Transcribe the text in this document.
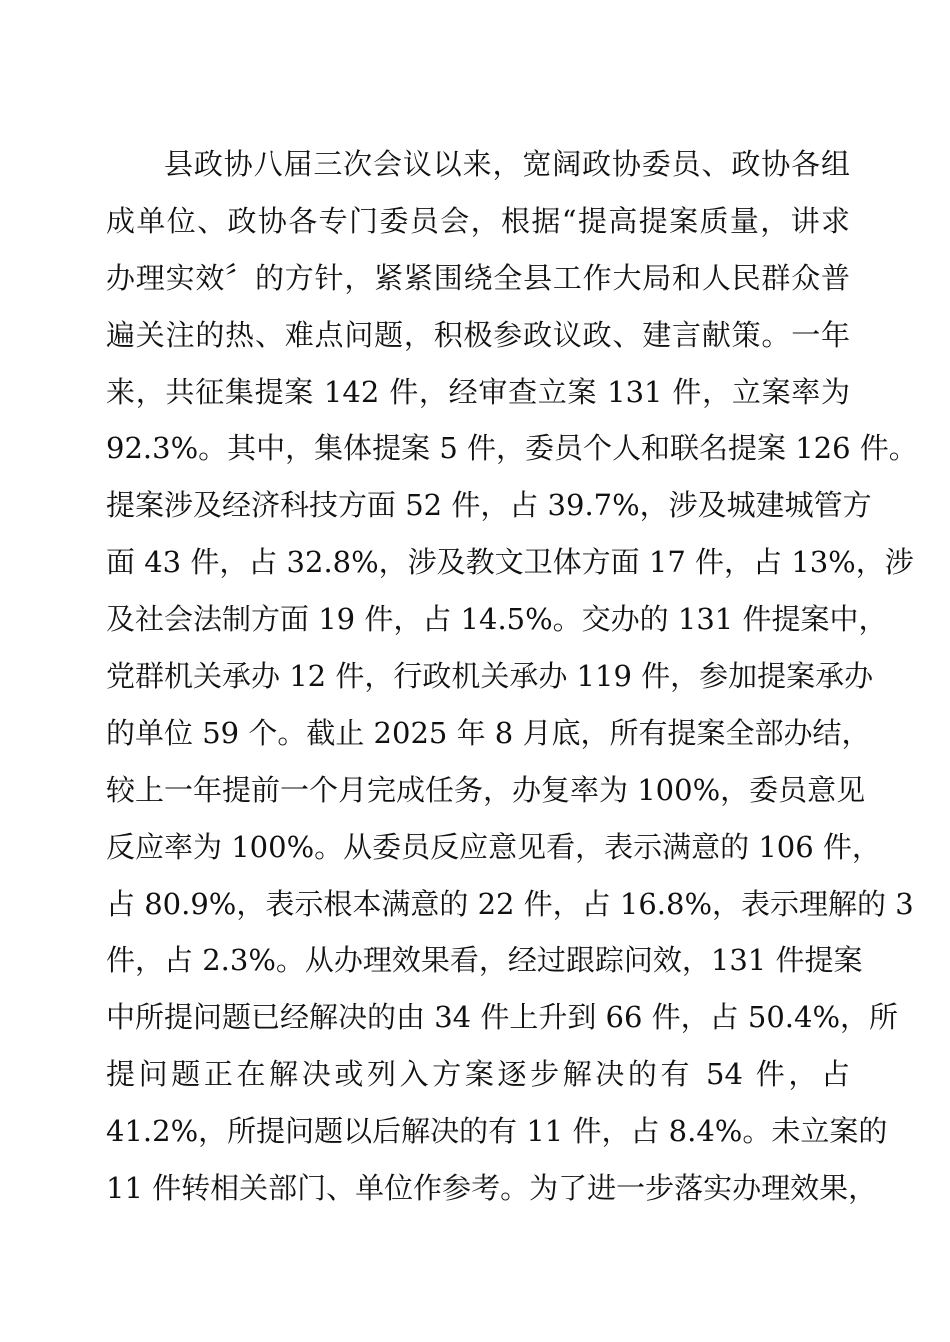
县政协八届三次会议以来，宽阔政协委员、政协各组
成单位、政协各专门委员会，根据“提高提案质量，讲求
办理实效〞的方针，紧紧围绕全县工作大局和人民群众普
遍关注的热、难点问题，积极参政议政、建言献策。一年
来，共征集提案 142 件，经审查立案 131 件，立案率为
92.3%。其中，集体提案 5 件，委员个人和联名提案 126 件。
提案涉及经济科技方面 52 件，占 39.7%，涉及城建城管方
面 43 件，占 32.8%，涉及教文卫体方面 17 件，占 13%，涉
及社会法制方面 19 件，占 14.5%。交办的 131 件提案中，
党群机关承办 12 件，行政机关承办 119 件，参加提案承办
的单位 59 个。截止 2025 年 8 月底，所有提案全部办结，
较上一年提前一个月完成任务，办复率为 100%，委员意见
反应率为 100%。从委员反应意见看，表示满意的 106 件，
占 80.9%，表示根本满意的 22 件，占 16.8%，表示理解的 3
件，占 2.3%。从办理效果看，经过跟踪问效，131 件提案
中所提问题已经解决的由 34 件上升到 66 件，占 50.4%，所
提问题正在解决或列入方案逐步解决的有 54 件，占
41.2%，所提问题以后解决的有 11 件，占 8.4%。未立案的
11 件转相关部门、单位作参考。为了进一步落实办理效果，
